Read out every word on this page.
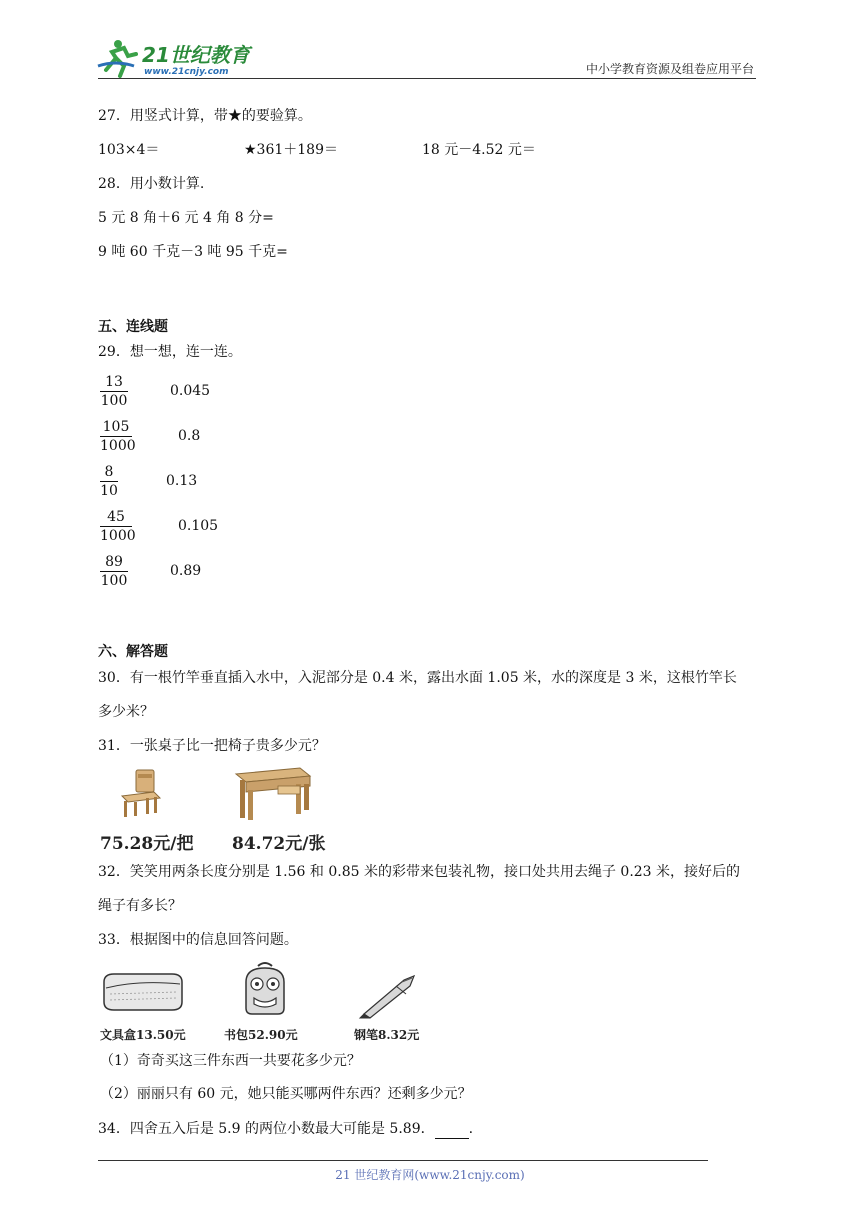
21世纪教育
www.21cnjy.com	中小学教育资源及组卷应用平台
27．用竖式计算，带★的要验算。
103×4＝	★361＋189＝	18 元－4.52 元＝
28．用小数计算.
5 元 8 角＋6 元 4 角 8 分=
9 吨 60 千克－3 吨 95 千克=
五、连线题
29．想一想，连一连。
13
100
105
1000
8
10
45
1000
89
100
0.045
0.8
0.13
0.105
0.89
六、解答题
30．有一根竹竿垂直插入水中，入泥部分是 0.4 米，露出水面 1.05 米，水的深度是 3 米，这根竹竿长
多少米？
31．一张桌子比一把椅子贵多少元？
75.28元/把 84.72元/张
32．笑笑用两条长度分别是 1.56 和 0.85 米的彩带来包装礼物，接口处共用去绳子 0.23 米，接好后的
绳子有多长？
33．根据图中的信息回答问题。
文具盒13.50元	书包52.90元	钢笔8.32元
（1）奇奇买这三件东西一共要花多少元？
（2）丽丽只有 60 元，她只能买哪两件东西？还剩多少元？
34．四舍五入后是 5.9 的两位小数最大可能是 5.89． .
21 世纪教育网(www.21cnjy.com)
